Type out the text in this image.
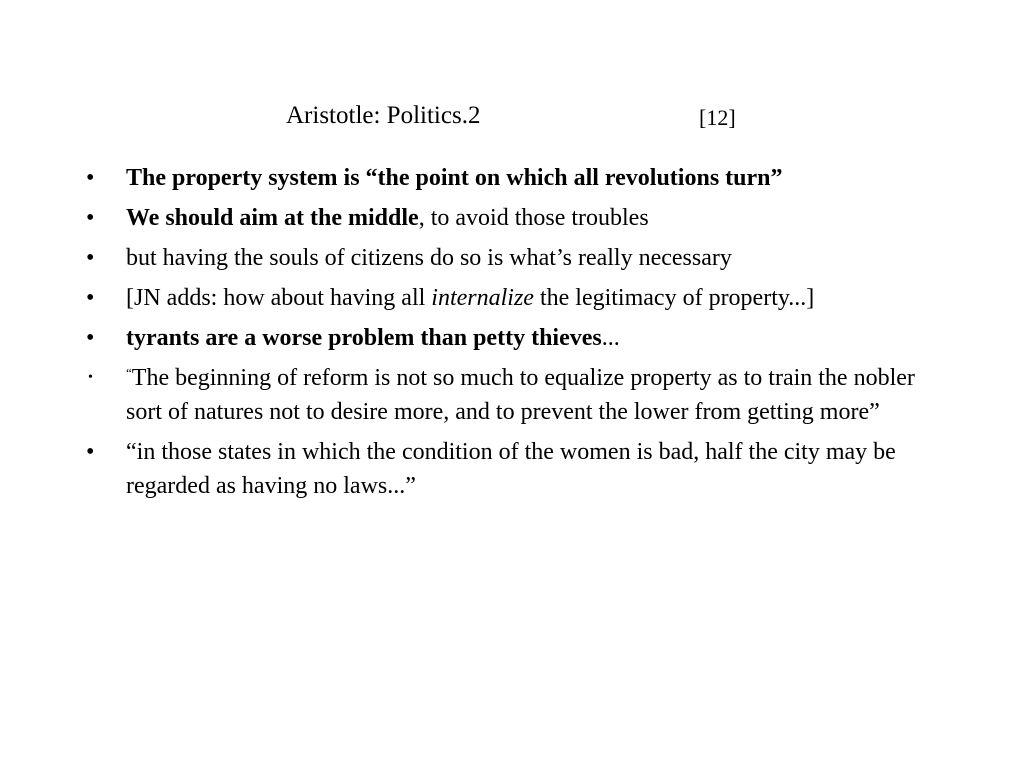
Aristotle: Politics.2	[12]
• The property system is “the point on which all revolutions turn”
• We should aim at the middle, to avoid those troubles
• but having the souls of citizens do so is what’s really necessary
• [JN adds: how about having all internalize the legitimacy of property...]
• tyrants are a worse problem than petty thieves...
•	“The beginning of reform is not so much to equalize property as to train the nobler sort of natures not to desire more, and to prevent the lower from getting more”
• “in those states in which the condition of the women is bad, half the city may be regarded as having no laws...”
